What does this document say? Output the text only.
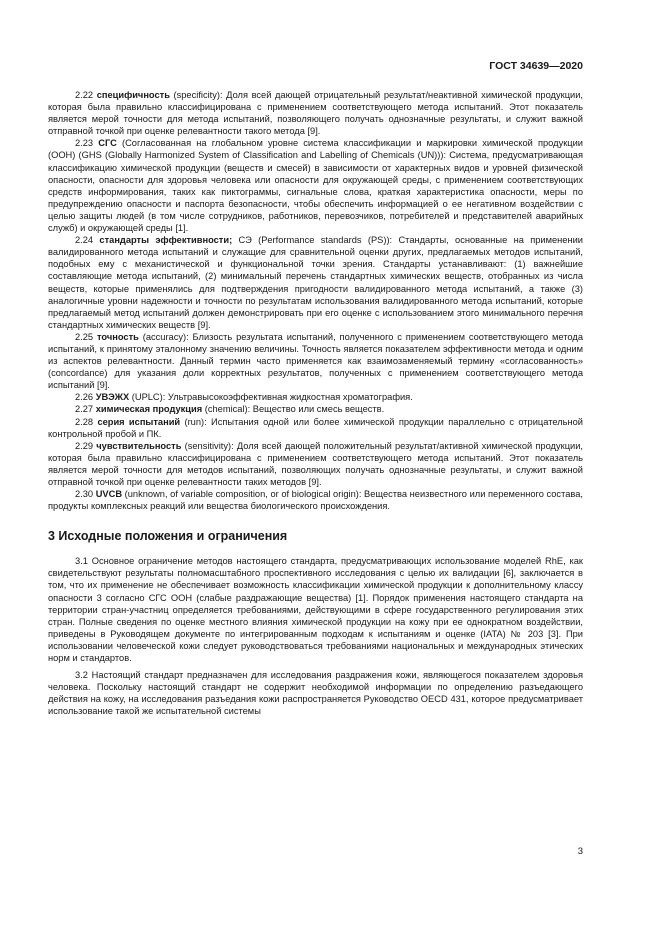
ГОСТ 34639—2020

2.22 специфичность (specificity): Доля всей дающей отрицательный результат/неактивной химической продукции, которая была правильно классифицирована с применением соответствующего метода испытаний. Этот показатель является мерой точности для метода испытаний, позволяющего получать однозначные результаты, и служит важной отправной точкой при оценке релевантности такого метода [9].

2.23 СГС (Согласованная на глобальном уровне система классификации и маркировки химической продукции (ООН) (GHS (Globally Harmonized System of Classification and Labelling of Chemicals (UN))): Система, предусматривающая классификацию химической продукции (веществ и смесей) в зависимости от характерных видов и уровней физической опасности, опасности для здоровья человека или опасности для окружающей среды, с применением соответствующих средств информирования, таких как пиктограммы, сигнальные слова, краткая характеристика опасности, меры по предупреждению опасности и паспорта безопасности, чтобы обеспечить информацией о ее негативном воздействии с целью защиты людей (в том числе сотрудников, работников, перевозчиков, потребителей и представителей аварийных служб) и окружающей среды [1].

2.24 стандарты эффективности; СЭ (Performance standards (PS)): Стандарты, основанные на применении валидированного метода испытаний и служащие для сравнительной оценки других, предлагаемых методов испытаний, подобных ему с механистической и функциональной точки зрения. Стандарты устанавливают: (1) важнейшие составляющие метода испытаний, (2) минимальный перечень стандартных химических веществ, отобранных из числа веществ, которые применялись для подтверждения пригодности валидированного метода испытаний, а также (3) аналогичные уровни надежности и точности по результатам использования валидированного метода испытаний, которые предлагаемый метод испытаний должен демонстрировать при его оценке с использованием этого минимального перечня стандартных химических веществ [9].

2.25 точность (accuracy): Близость результата испытаний, полученного с применением соответствующего метода испытаний, к принятому эталонному значению величины. Точность является показателем эффективности метода и одним из аспектов релевантности. Данный термин часто применяется как взаимозаменяемый термину «согласованность» (concordance) для указания доли корректных результатов, полученных с применением соответствующего метода испытаний [9].

2.26 УВЭЖХ (UPLC): Ультравысокоэффективная жидкостная хроматография.

2.27 химическая продукция (chemical): Вещество или смесь веществ.

2.28 серия испытаний (run): Испытания одной или более химической продукции параллельно с отрицательной контрольной пробой и ПК.

2.29 чувствительность (sensitivity): Доля всей дающей положительный результат/активной химической продукции, которая была правильно классифицирована с применением соответствующего метода испытаний. Этот показатель является мерой точности для методов испытаний, позволяющих получать однозначные результаты, и служит важной отправной точкой при оценке релевантности таких методов [9].

2.30 UVCB (unknown, of variable composition, or of biological origin): Вещества неизвестного или переменного состава, продукты комплексных реакций или вещества биологического происхождения.

3 Исходные положения и ограничения

3.1 Основное ограничение методов настоящего стандарта, предусматривающих использование моделей RhE, как свидетельствуют результаты полномасштабного проспективного исследования с целью их валидации [6], заключается в том, что их применение не обеспечивает возможность классификации химической продукции к дополнительному классу опасности 3 согласно СГС ООН (слабые раздражающие вещества) [1]. Порядок применения настоящего стандарта на территории стран-участниц определяется требованиями, действующими в сфере государственного регулирования этих стран. Полные сведения по оценке местного влияния химической продукции на кожу при ее однократном воздействии, приведены в Руководящем документе по интегрированным подходам к испытаниям и оценке (IATA) № 203 [3]. При использовании человеческой кожи следует руководствоваться требованиями национальных и международных этических норм и стандартов.

3.2 Настоящий стандарт предназначен для исследования раздражения кожи, являющегося показателем здоровья человека. Поскольку настоящий стандарт не содержит необходимой информации по определению разъедающего действия на кожу, на исследования разъедания кожи распространяется Руководство OECD 431, которое предусматривает использование такой же испытательной системы

3
